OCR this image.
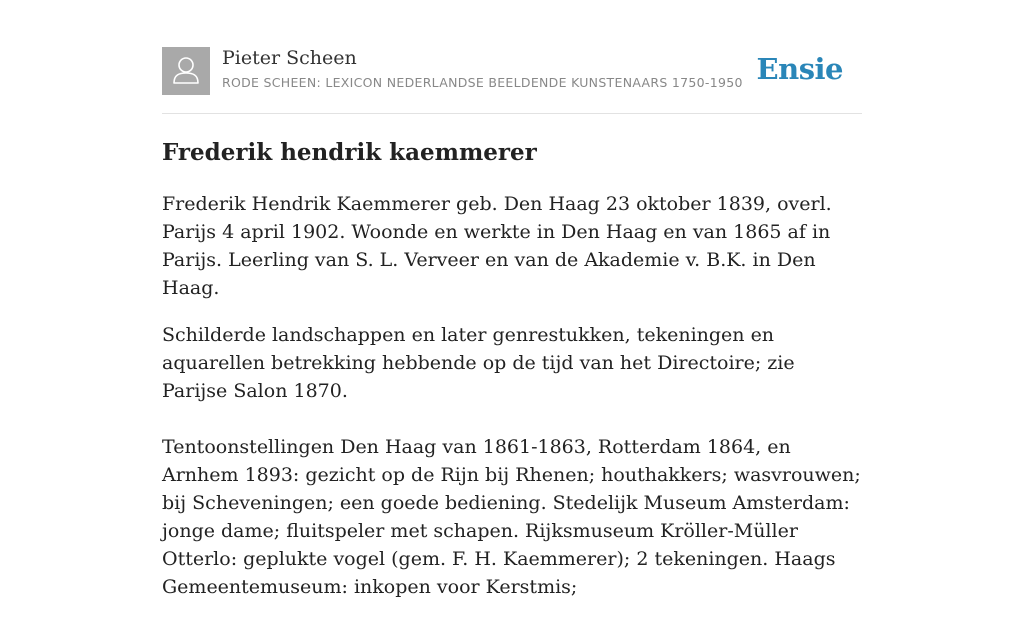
Pieter Scheen
RODE SCHEEN: LEXICON NEDERLANDSE BEELDENDE KUNSTENAARS 1750-1950 Ensie
Frederik hendrik kaemmerer

Frederik Hendrik Kaemmerer geb. Den Haag 23 oktober 1839, overl. Parijs 4 april 1902. Woonde en werkte in Den Haag en van 1865 af in Parijs. Leerling van S. L. Verveer en van de Akademie v. B.K. in Den Haag.

Schilderde landschappen en later genrestukken, tekeningen en aquarellen betrekking hebbende op de tijd van het Directoire; zie Parijse Salon 1870.

Tentoonstellingen Den Haag van 1861-1863, Rotterdam 1864, en Arnhem 1893: gezicht op de Rijn bij Rhenen; houthakkers; wasvrouwen; bij Scheveningen; een goede bediening. Stedelijk Museum Amsterdam: jonge dame; fluitspeler met schapen. Rijksmuseum Kröller-Müller Otterlo: geplukte vogel (gem. F. H. Kaemmerer); 2 tekeningen. Haags Gemeentemuseum: inkopen voor Kerstmis;
